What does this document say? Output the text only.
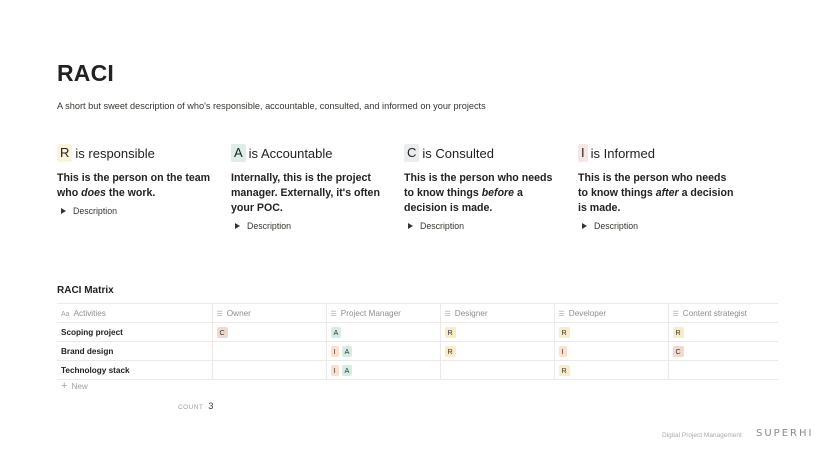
RACI
A short but sweet description of who's responsible, accountable, consulted, and informed on your projects
R is responsible
This is the person on the team who does the work.
Description
A is Accountable
Internally, this is the project manager. Externally, it's often your POC.
Description
C is Consulted
This is the person who needs to know things before a decision is made.
Description
I is Informed
This is the person who needs to know things after a decision is made.
Description
RACI Matrix
Aa Activities	☰ Owner	☰ Project Manager	☰ Designer	☰ Developer	☰ Content strategist
Scoping project	C	A	R	R	R
Brand design		I A	R	I	C
Technology stack		I A		R	
+ New
COUNT 3
Digital Project Management SUPERHI
